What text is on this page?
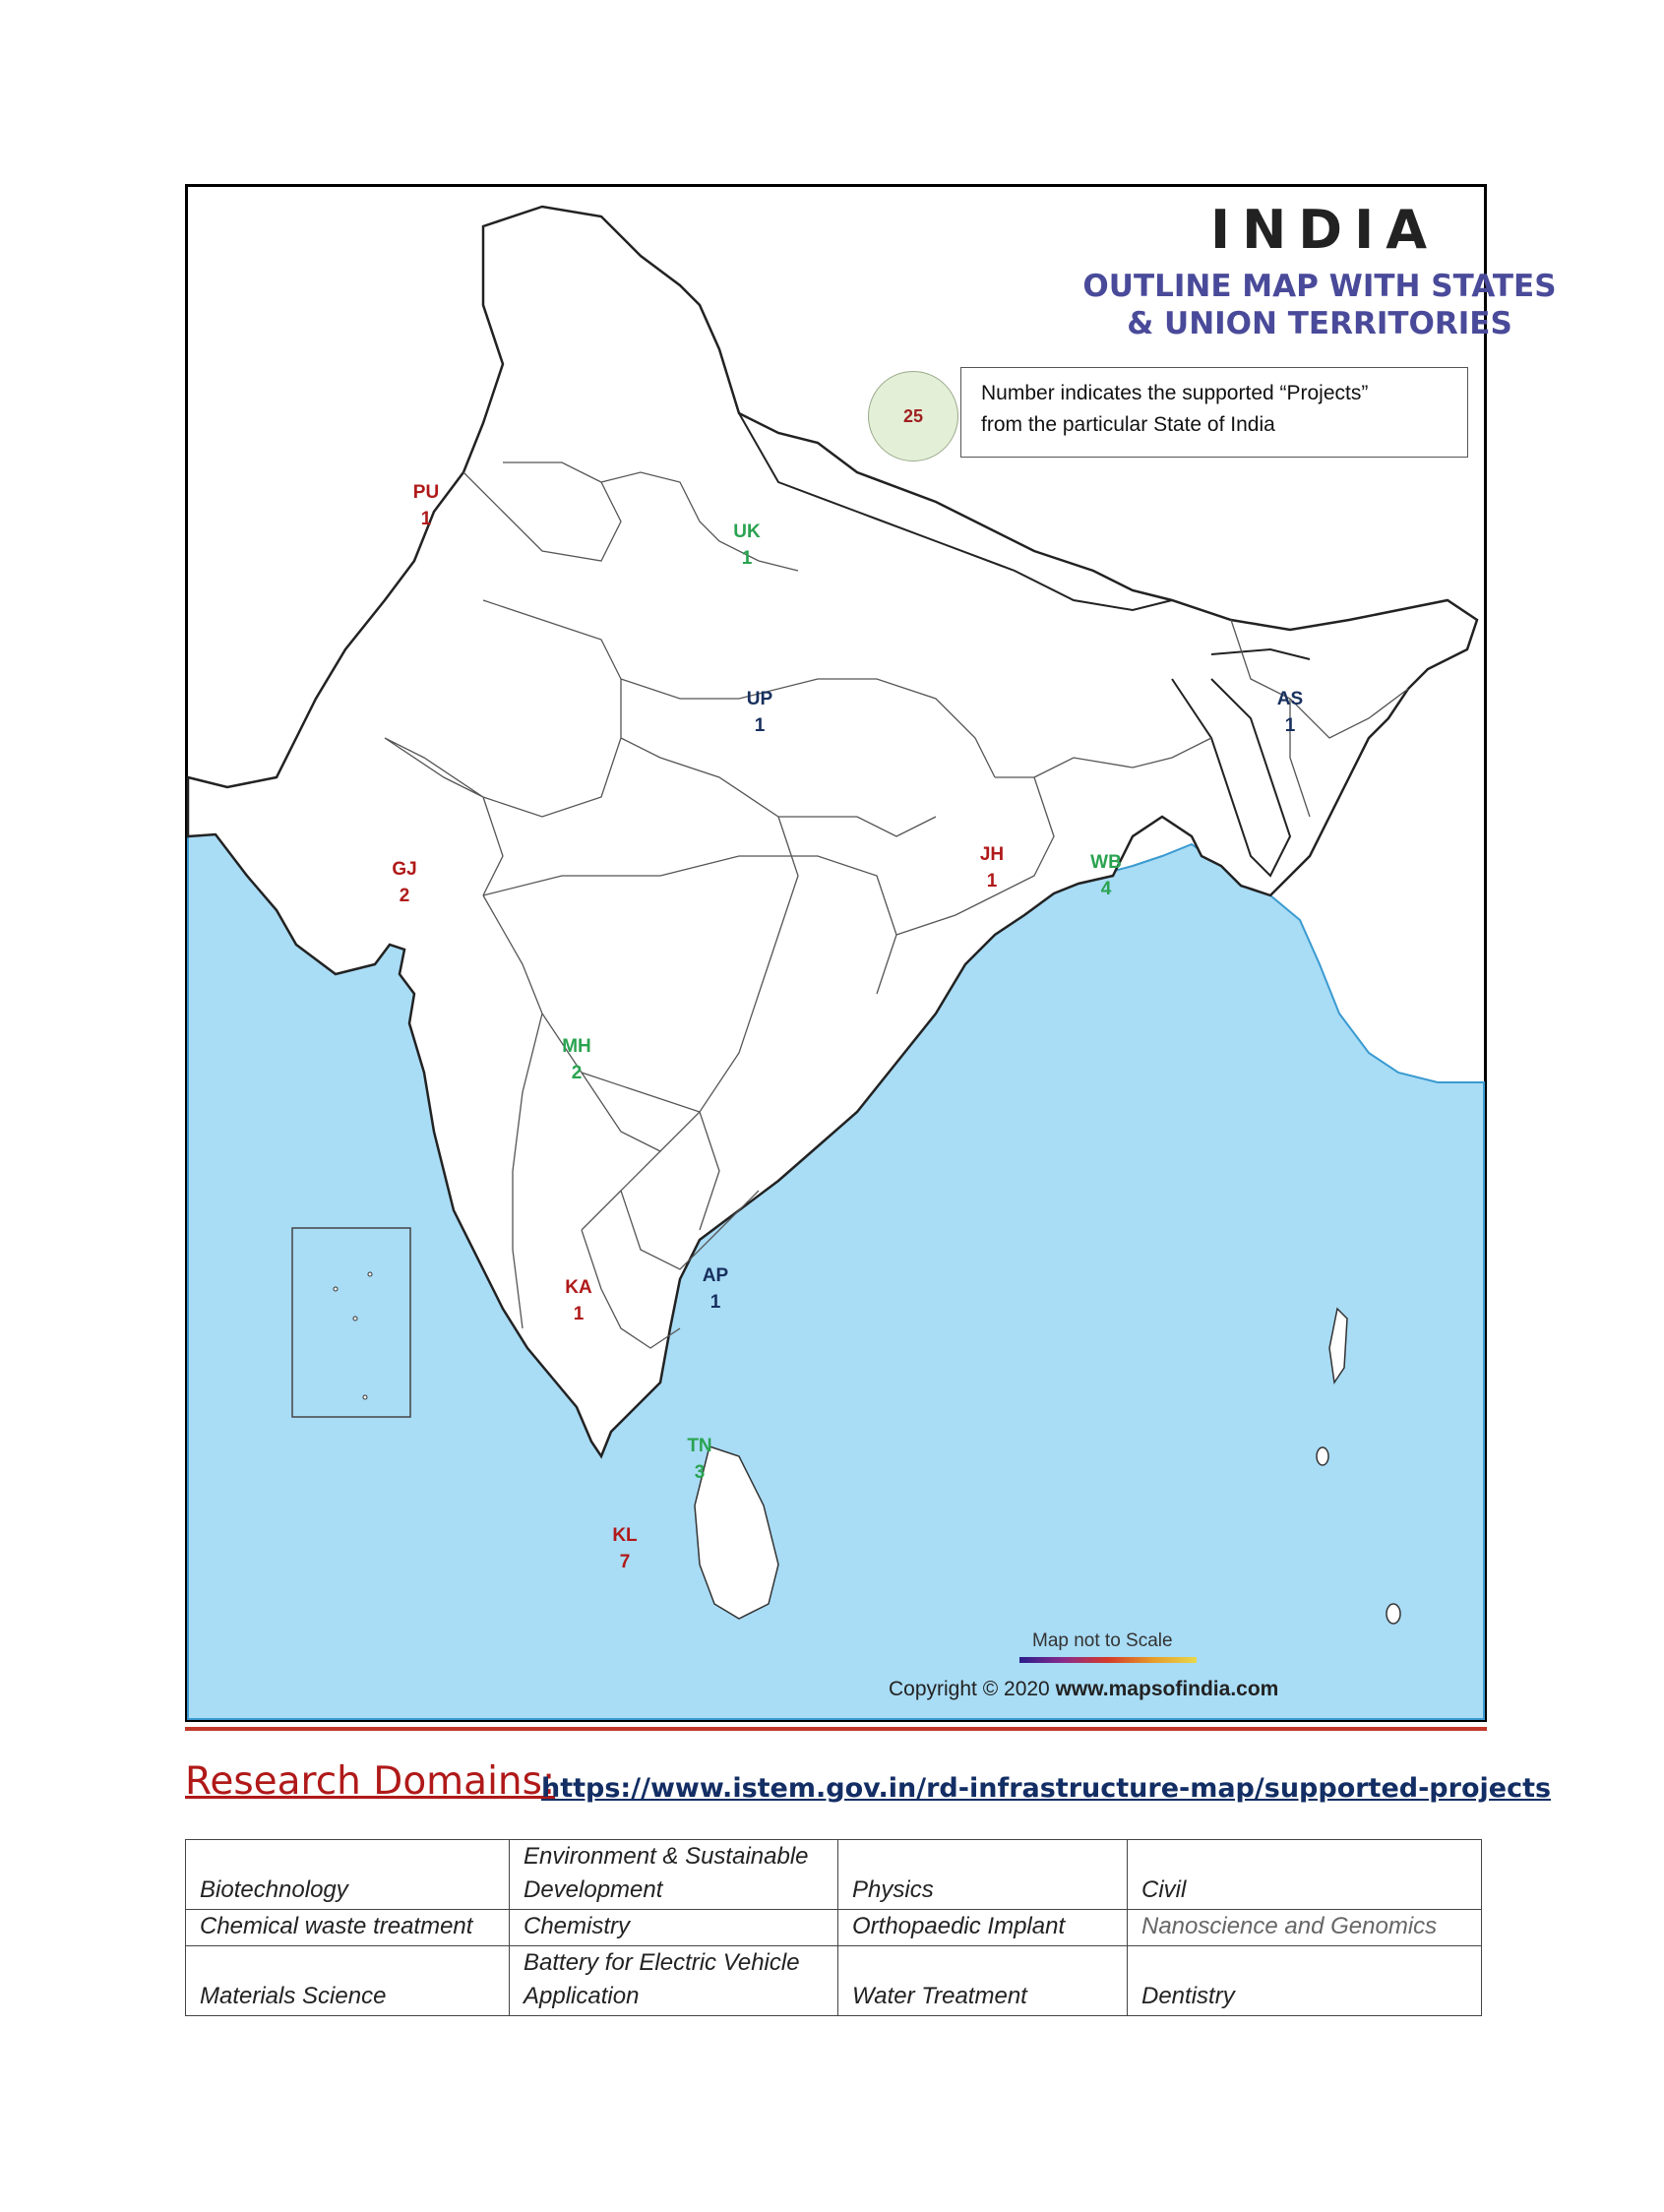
INDIA
OUTLINE MAP WITH STATES
& UNION TERRITORIES
25
Number indicates the supported “Projects”
from the particular State of India
PU
1
UK
1
UP
1
AS
1
GJ
2
JH
1
WB
4
MH
2
AP
1
KA
1
TN
3
KL
7
Map not to Scale
Copyright © 2020 www.mapsofindia.com
Research Domains:
https://www.istem.gov.in/rd-infrastructure-map/supported-projects
Biotechnology	Environment & Sustainable Development	Physics	Civil
Chemical waste treatment	Chemistry	Orthopaedic Implant	Nanoscience and Genomics
Materials Science	Battery for Electric Vehicle Application	Water Treatment	Dentistry
